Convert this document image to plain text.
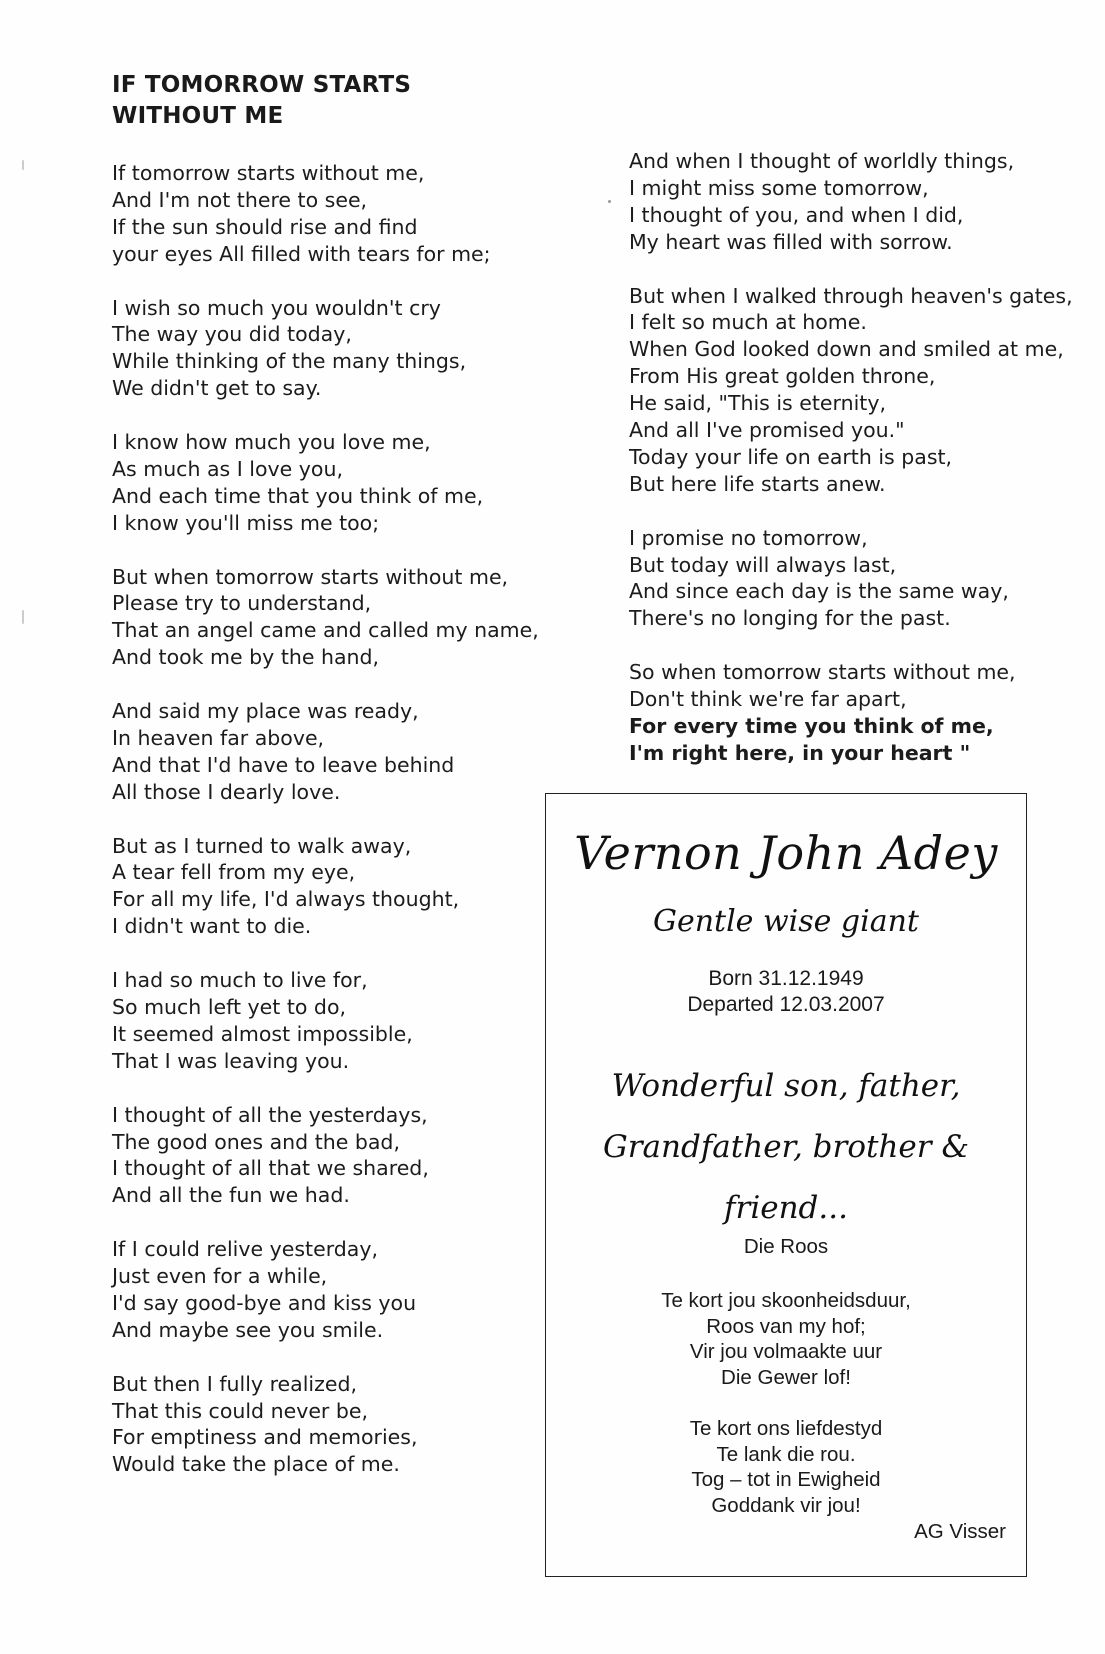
IF TOMORROW STARTS
WITHOUT ME
If tomorrow starts without me,
And I'm not there to see,
If the sun should rise and find
your eyes All filled with tears for me;
I wish so much you wouldn't cry
The way you did today,
While thinking of the many things,
We didn't get to say.
I know how much you love me,
As much as I love you,
And each time that you think of me,
I know you'll miss me too;
But when tomorrow starts without me,
Please try to understand,
That an angel came and called my name,
And took me by the hand,
And said my place was ready,
In heaven far above,
And that I'd have to leave behind
All those I dearly love.
But as I turned to walk away,
A tear fell from my eye,
For all my life, I'd always thought,
I didn't want to die.
I had so much to live for,
So much left yet to do,
It seemed almost impossible,
That I was leaving you.
I thought of all the yesterdays,
The good ones and the bad,
I thought of all that we shared,
And all the fun we had.
If I could relive yesterday,
Just even for a while,
I'd say good-bye and kiss you
And maybe see you smile.
But then I fully realized,
That this could never be,
For emptiness and memories,
Would take the place of me.
And when I thought of worldly things,
I might miss some tomorrow,
I thought of you, and when I did,
My heart was filled with sorrow.
But when I walked through heaven's gates,
I felt so much at home.
When God looked down and smiled at me,
From His great golden throne,
He said, "This is eternity,
And all I've promised you."
Today your life on earth is past,
But here life starts anew.
I promise no tomorrow,
But today will always last,
And since each day is the same way,
There's no longing for the past.
So when tomorrow starts without me,
Don't think we're far apart,
For every time you think of me,
I'm right here, in your heart "
Vernon John Adey
Gentle wise giant
Born 31.12.1949
Departed 12.03.2007
Wonderful son, father,
Grandfather, brother &
friend...
Die Roos
Te kort jou skoonheidsduur,
Roos van my hof;
Vir jou volmaakte uur
Die Gewer lof!
Te kort ons liefdestyd
Te lank die rou.
Tog – tot in Ewigheid
Goddank vir jou!
AG Visser
